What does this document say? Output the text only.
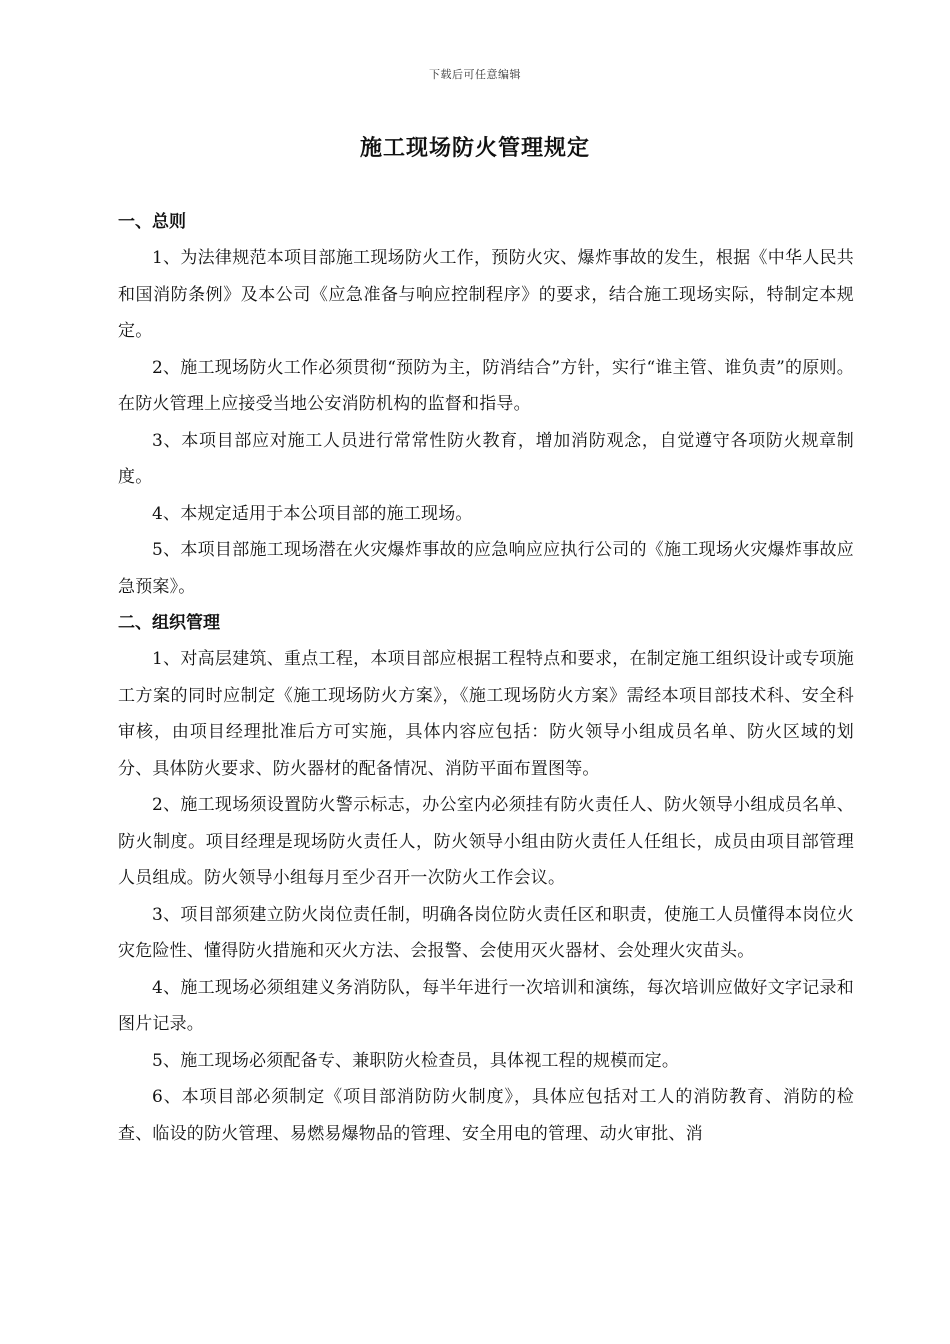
下载后可任意编辑
施工现场防火管理规定

一、总则

1、为法律规范本项目部施工现场防火工作，预防火灾、爆炸事故的发生，根据《中华人民共和国消防条例》及本公司《应急准备与响应控制程序》的要求，结合施工现场实际，特制定本规定。

2、施工现场防火工作必须贯彻“预防为主，防消结合”方针，实行“谁主管、谁负责”的原则。在防火管理上应接受当地公安消防机构的监督和指导。

3、本项目部应对施工人员进行常常性防火教育，增加消防观念，自觉遵守各项防火规章制度。

4、本规定适用于本公项目部的施工现场。

5、本项目部施工现场潜在火灾爆炸事故的应急响应应执行公司的《施工现场火灾爆炸事故应急预案》。

二、组织管理

1、对高层建筑、重点工程，本项目部应根据工程特点和要求，在制定施工组织设计或专项施工方案的同时应制定《施工现场防火方案》，《施工现场防火方案》需经本项目部技术科、安全科审核，由项目经理批准后方可实施，具体内容应包括：防火领导小组成员名单、防火区域的划分、具体防火要求、防火器材的配备情况、消防平面布置图等。

2、施工现场须设置防火警示标志，办公室内必须挂有防火责任人、防火领导小组成员名单、防火制度。项目经理是现场防火责任人，防火领导小组由防火责任人任组长，成员由项目部管理人员组成。防火领导小组每月至少召开一次防火工作会议。

3、项目部须建立防火岗位责任制，明确各岗位防火责任区和职责，使施工人员懂得本岗位火灾危险性、懂得防火措施和灭火方法、会报警、会使用灭火器材、会处理火灾苗头。

4、施工现场必须组建义务消防队，每半年进行一次培训和演练，每次培训应做好文字记录和图片记录。

5、施工现场必须配备专、兼职防火检查员，具体视工程的规模而定。

6、本项目部必须制定《项目部消防防火制度》，具体应包括对工人的消防教育、消防的检查、临设的防火管理、易燃易爆物品的管理、安全用电的管理、动火审批、消
